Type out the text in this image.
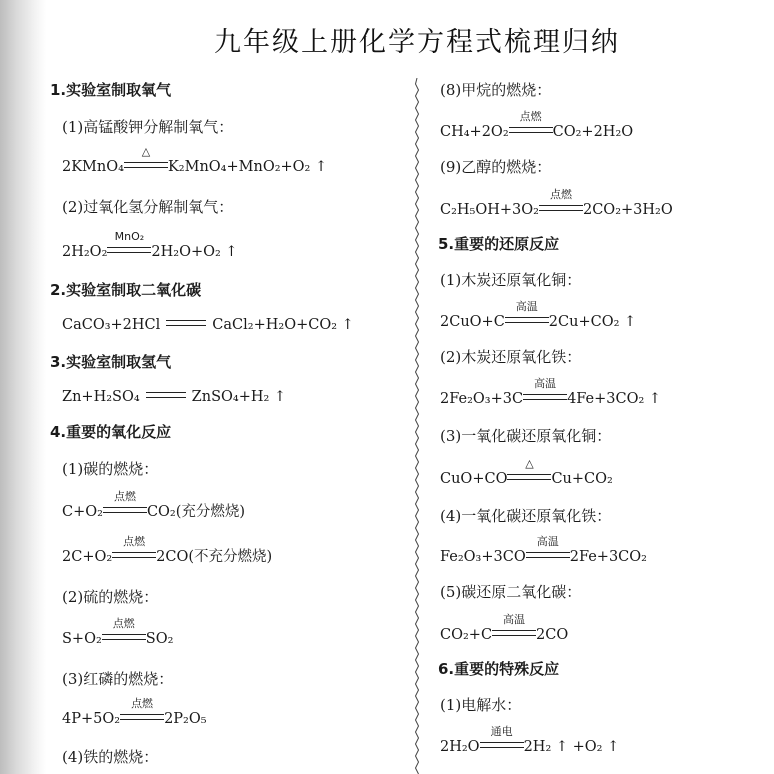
九年级上册化学方程式梳理归纳
1.实验室制取氧气
(1)高锰酸钾分解制氧气：
2KMnO₄
△
K₂MnO₄+MnO₂+O₂ ↑
(2)过氧化氢分解制氧气：
2H₂O₂
MnO₂
2H₂O+O₂ ↑
2.实验室制取二氧化碳
CaCO₃+2HCl	CaCl₂+H₂O+CO₂ ↑
3.实验室制取氢气
Zn+H₂SO₄	ZnSO₄+H₂ ↑
4.重要的氧化反应
(1)碳的燃烧：
C+O₂
点燃
CO₂(充分燃烧)
2C+O₂
点燃
2CO(不充分燃烧)
(2)硫的燃烧：
S+O₂
点燃
SO₂
(3)红磷的燃烧：
4P+5O₂
点燃
2P₂O₅
(4)铁的燃烧：
(8)甲烷的燃烧：
CH₄+2O₂
点燃
CO₂+2H₂O
(9)乙醇的燃烧：
C₂H₅OH+3O₂
点燃
2CO₂+3H₂O
5.重要的还原反应
(1)木炭还原氧化铜：
2CuO+C
高温
2Cu+CO₂ ↑
(2)木炭还原氧化铁：
2Fe₂O₃+3C
高温
4Fe+3CO₂ ↑
(3)一氧化碳还原氧化铜：
CuO+CO
△
Cu+CO₂
(4)一氧化碳还原氧化铁：
Fe₂O₃+3CO
高温
2Fe+3CO₂
(5)碳还原二氧化碳：
CO₂+C
高温
2CO
6.重要的特殊反应
(1)电解水：
2H₂O
通电
2H₂ ↑ +O₂ ↑
